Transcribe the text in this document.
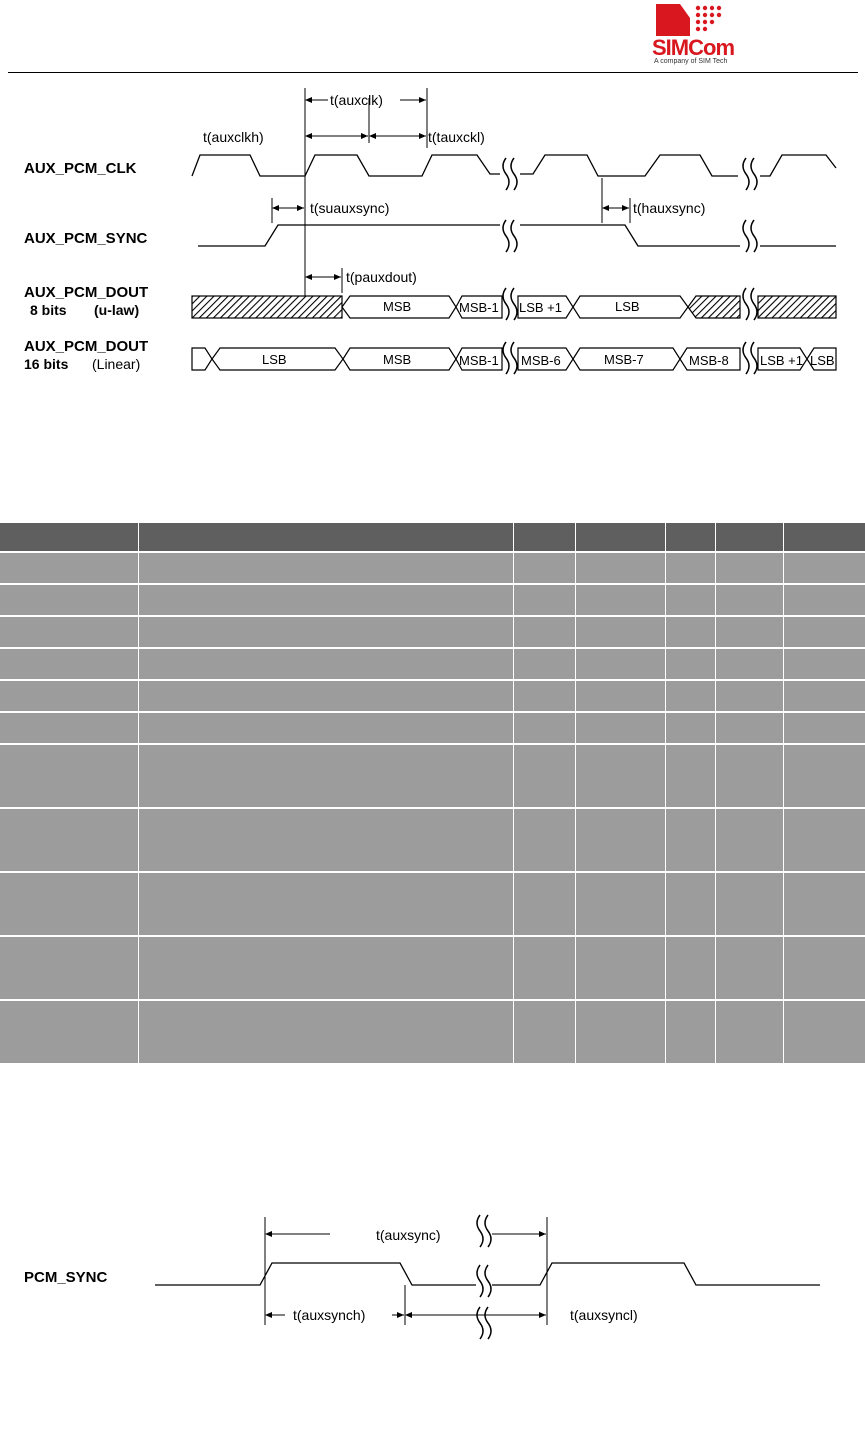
SIMCom
A company of SIM Tech
AUX_PCM_CLK
AUX_PCM_SYNC
AUX_PCM_DOUT
8 bits (u-law)
AUX_PCM_DOUT
16 bits (Linear)
t(auxclk)
t(auxclkh)	t(tauxckl)
t(suauxsync)	t(hauxsync)
t(pauxdout)
MSB	MSB-1 LSB +1	LSB
LSB	MSB	MSB-1 MSB-6	MSB-7	MSB-8 LSB +1 LSB

PCM_SYNC
t(auxsync)
t(auxsynch)	t(auxsyncl)
